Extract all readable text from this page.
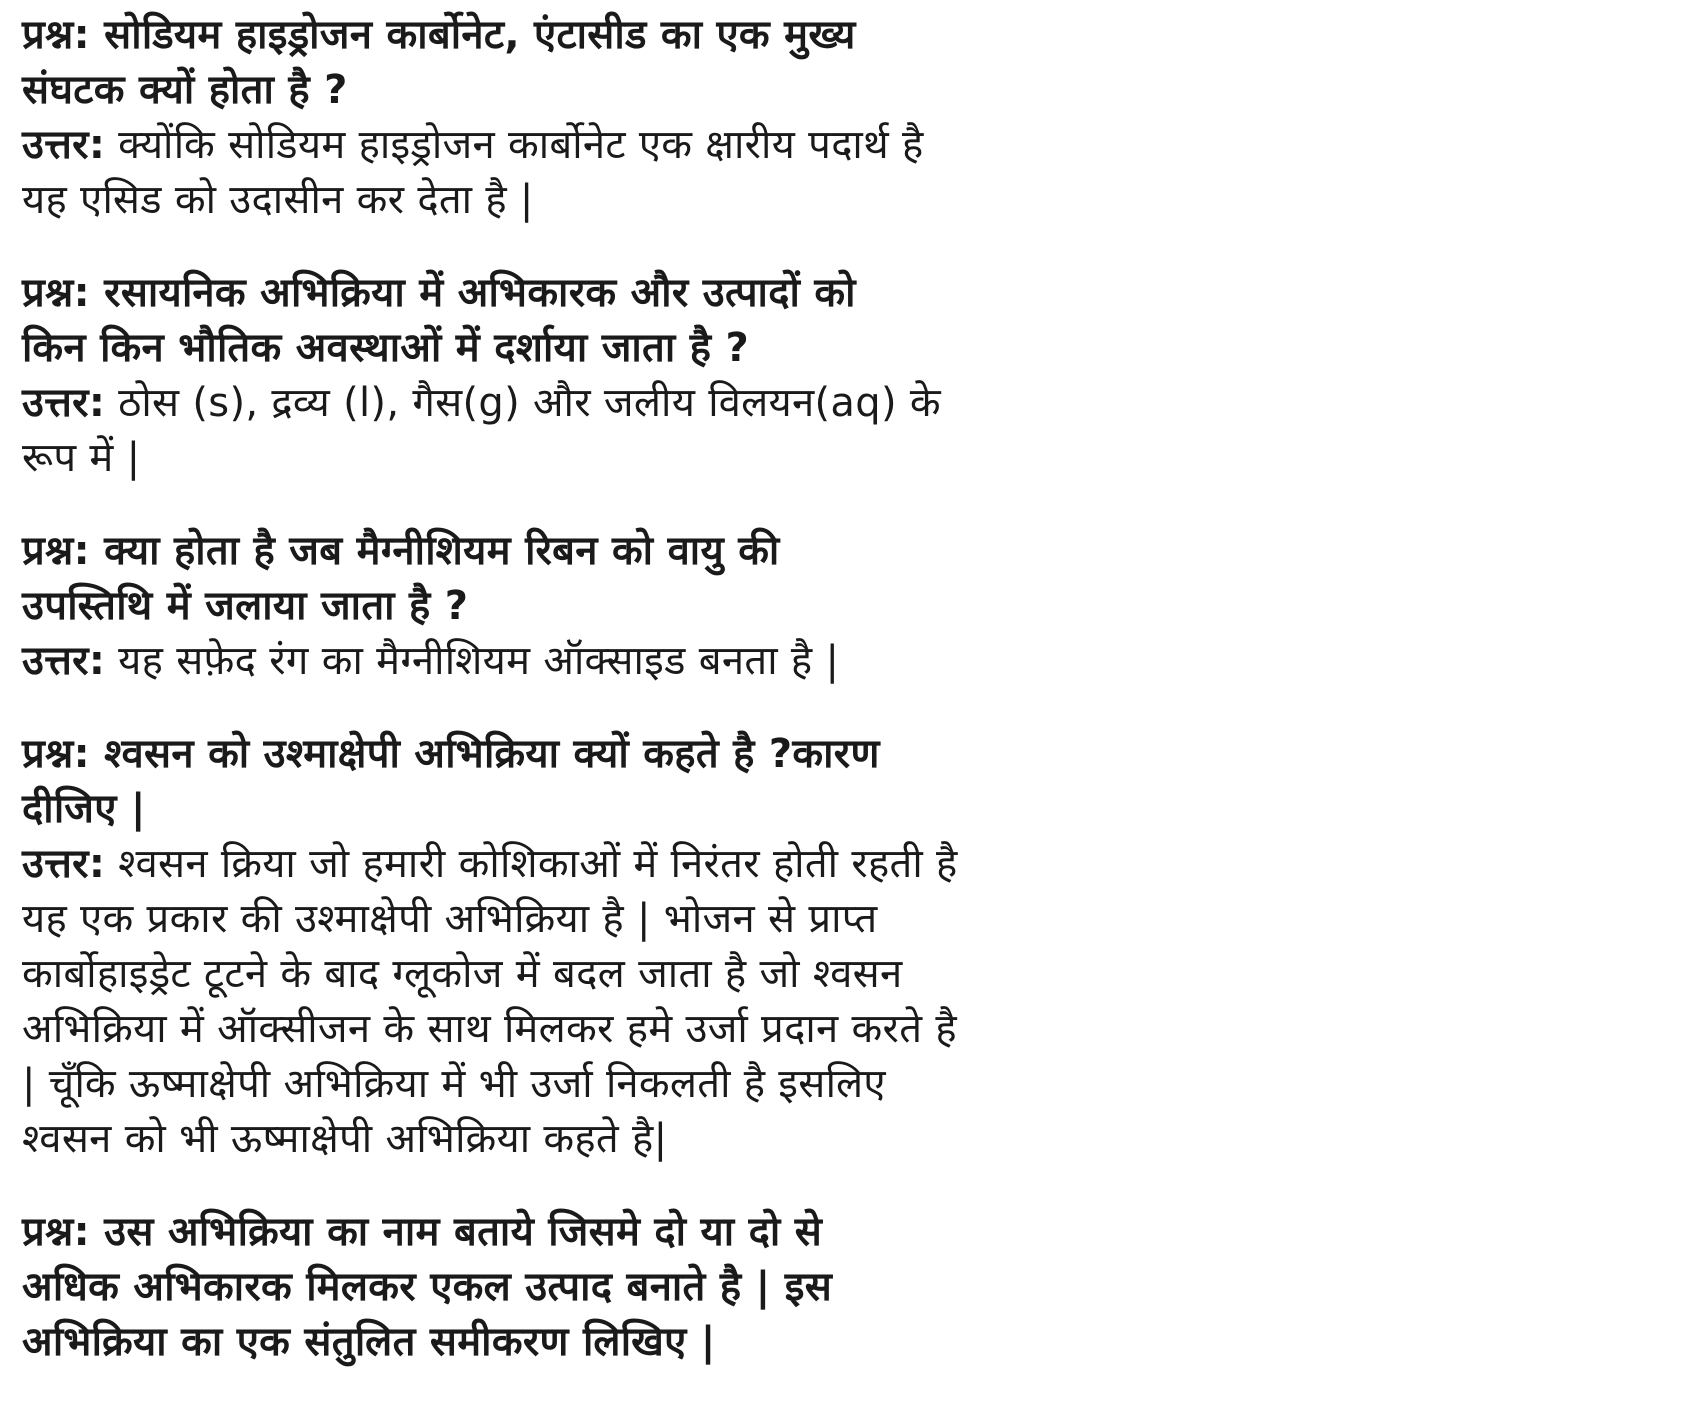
प्रश्न: सोडियम हाइड्रोजन कार्बोनेट, एंटासीड का एक मुख्य
संघटक क्यों होता है ?
उत्तर: क्योंकि सोडियम हाइड्रोजन कार्बोनेट एक क्षारीय पदार्थ है
यह एसिड को उदासीन कर देता है |
प्रश्न: रसायनिक अभिक्रिया में अभिकारक और उत्पादों को
किन किन भौतिक अवस्थाओं में दर्शाया जाता है ?
उत्तर: ठोस (s), द्रव्य (l), गैस(g) और जलीय विलयन(aq) के
रूप में |
प्रश्न: क्या होता है जब मैग्नीशियम रिबन को वायु की
उपस्तिथि में जलाया जाता है ?
उत्तर: यह सफ़ेद रंग का मैग्नीशियम ऑक्साइड बनता है |
प्रश्न: श्वसन को उश्माक्षेपी अभिक्रिया क्यों कहते है ?कारण
दीजिए |
उत्तर: श्वसन क्रिया जो हमारी कोशिकाओं में निरंतर होती रहती है
यह एक प्रकार की उश्माक्षेपी अभिक्रिया है | भोजन से प्राप्त
कार्बोहाइड्रेट टूटने के बाद ग्लूकोज में बदल जाता है जो श्वसन
अभिक्रिया में ऑक्सीजन के साथ मिलकर हमे उर्जा प्रदान करते है
| चूँकि ऊष्माक्षेपी अभिक्रिया में भी उर्जा निकलती है इसलिए
श्वसन को भी ऊष्माक्षेपी अभिक्रिया कहते है|
प्रश्न: उस अभिक्रिया का नाम बताये जिसमे दो या दो से
अधिक अभिकारक मिलकर एकल उत्पाद बनाते है | इस
अभिक्रिया का एक संतुलित समीकरण लिखिए |
